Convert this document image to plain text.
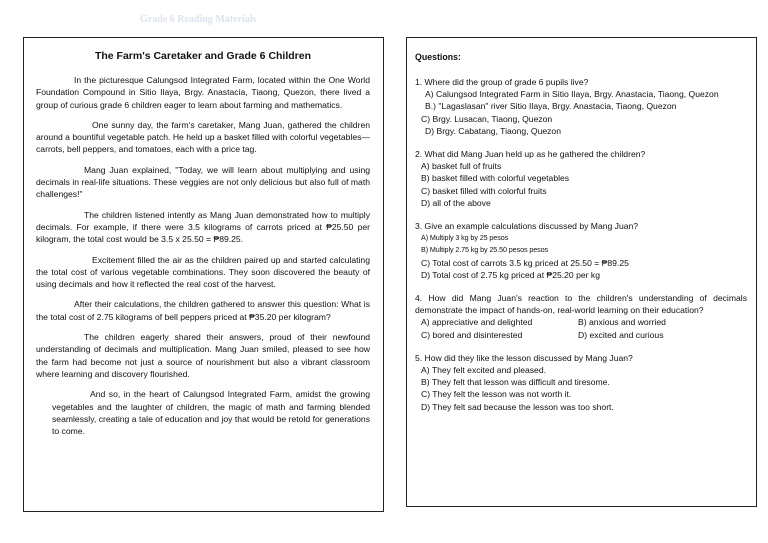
Grade 6 Reading Materials
The Farm's Caretaker and Grade 6 Children

In the picturesque Calungsod Integrated Farm, located within the One World Foundation Compound in Sitio Ilaya, Brgy. Anastacia, Tiaong, Quezon, there lived a group of curious grade 6 children eager to learn about farming and mathematics.

One sunny day, the farm's caretaker, Mang Juan, gathered the children around a bountiful vegetable patch. He held up a basket filled with colorful vegetables—carrots, bell peppers, and tomatoes, each with a price tag.

Mang Juan explained, "Today, we will learn about multiplying and using decimals in real-life situations. These veggies are not only delicious but also full of math challenges!"

The children listened intently as Mang Juan demonstrated how to multiply decimals. For example, if there were 3.5 kilograms of carrots priced at ₱25.50 per kilogram, the total cost would be 3.5 x 25.50 = ₱89.25.

Excitement filled the air as the children paired up and started calculating the total cost of various vegetable combinations. They soon discovered the beauty of using decimals and how it reflected the real cost of the harvest.

After their calculations, the children gathered to answer this question: What is the total cost of 2.75 kilograms of bell peppers priced at ₱35.20 per kilogram?

The children eagerly shared their answers, proud of their newfound understanding of decimals and multiplication. Mang Juan smiled, pleased to see how the farm had become not just a source of nourishment but also a vibrant classroom where learning and discovery flourished.

And so, in the heart of Calungsod Integrated Farm, amidst the growing vegetables and the laughter of children, the magic of math and farming blended seamlessly, creating a tale of education and joy that would be retold for generations to come.

Questions:
1. Where did the group of grade 6 pupils live?
A) Calungsod Integrated Farm in Sitio Ilaya, Brgy. Anastacia, Tiaong, Quezon
B.) "Lagaslasan" river Sitio Ilaya, Brgy. Anastacia, Tiaong, Quezon
C) Brgy. Lusacan, Tiaong, Quezon
D) Brgy. Cabatang, Tiaong, Quezon
2. What did Mang Juan held up as he gathered the children?
A) basket full of fruits
B) basket filled with colorful vegetables
C) basket filled with colorful fruits
D) all of the above
3. Give an example calculations discussed by Mang Juan?
A) Multiply 3 kg by 25 pesos
B) Multiply 2.75 kg by 25.50 pesos pesos
C) Total cost of carrots 3.5 kg priced at 25.50 = ₱89.25
D) Total cost of 2.75 kg priced at ₱25.20 per kg
4. How did Mang Juan's reaction to the children's understanding of decimals demonstrate the impact of hands-on, real-world learning on their education?
A) appreciative and delighted	B) anxious and worried
C) bored and disinterested	D) excited and curious
5. How did they like the lesson discussed by Mang Juan?
A) They felt excited and pleased.
B) They felt that lesson was difficult and tiresome.
C) They felt the lesson was not worth it.
D) They felt sad because the lesson was too short.
